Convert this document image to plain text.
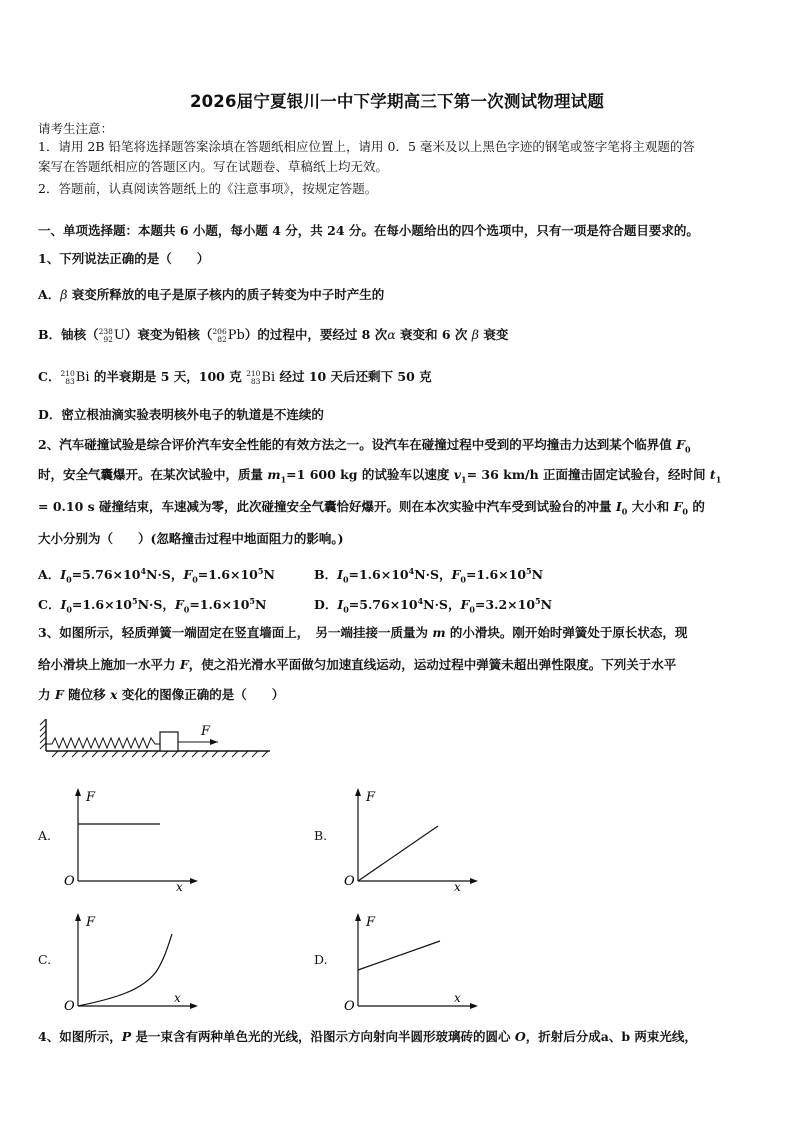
2026届宁夏银川一中下学期高三下第一次测试物理试题
请考生注意：
1．请用 2B 铅笔将选择题答案涂填在答题纸相应位置上，请用 0．5 毫米及以上黑色字迹的钢笔或签字笔将主观题的答
案写在答题纸相应的答题区内。写在试题卷、草稿纸上均无效。
2．答题前，认真阅读答题纸上的《注意事项》，按规定答题。
一、单项选择题：本题共 6 小题，每小题 4 分，共 24 分。在每小题给出的四个选项中，只有一项是符合题目要求的。
1、下列说法正确的是（　　）
A．β 衰变所释放的电子是原子核内的质子转变为中子时产生的
B．铀核（ 238
92 U ）衰变为铅核（ 206
82 Pb ）的过程中，要经过 8 次α 衰变和 6 次 β 衰变
C． 210
83 Bi 的半衰期是 5 天，100 克 210
83 Bi 经过 10 天后还剩下 50 克
D．密立根油滴实验表明核外电子的轨道是不连续的
2、汽车碰撞试验是综合评价汽车安全性能的有效方法之一。设汽车在碰撞过程中受到的平均撞击力达到某个临界值 $F_0$
时，安全气囊爆开。在某次试验中，质量 $m_1=1$ 600 kg 的试验车以速度 $v_1= 36$ km/h 正面撞击固定试验台，经时间 $t_1$
= 0.10 s 碰撞结束，车速减为零，此次碰撞安全气囊恰好爆开。则在本次实验中汽车受到试验台的冲量 $I_0$ 大小和 $F_0$ 的
大小分别为（　　）(忽略撞击过程中地面阻力的影响。)
A．$I_0=5.76\times 10^4N\cdot S$，$F_0=1.6\times 10^5N$	B．$I_0=1.6\times 10^4N\cdot S$，$F_0=1.6\times 10^5N$
C．$I_0=1.6\times 10^5N\cdot S$，$F_0=1.6\times 10^5N$	D．$I_0=5.76\times 10^4N\cdot S$，$F_0=3.2\times 10^5N$
3、如图所示，轻质弹簧一端固定在竖直墙面上，　另一端挂接一质量为 m 的小滑块。刚开始时弹簧处于原长状态，现
给小滑块上施加一水平力 F，使之沿光滑水平面做匀加速直线运动，运动过程中弹簧未超出弹性限度。下列关于水平
力 F 随位移 x 变化的图像正确的是（　　）
F
A.
F
x
O
B.
F
x
O
C.
F
x
O
D.
F
x
O
4、如图所示，P 是一束含有两种单色光的光线，沿图示方向射向半圆形玻璃砖的圆心 O，折射后分成a、b 两束光线，
